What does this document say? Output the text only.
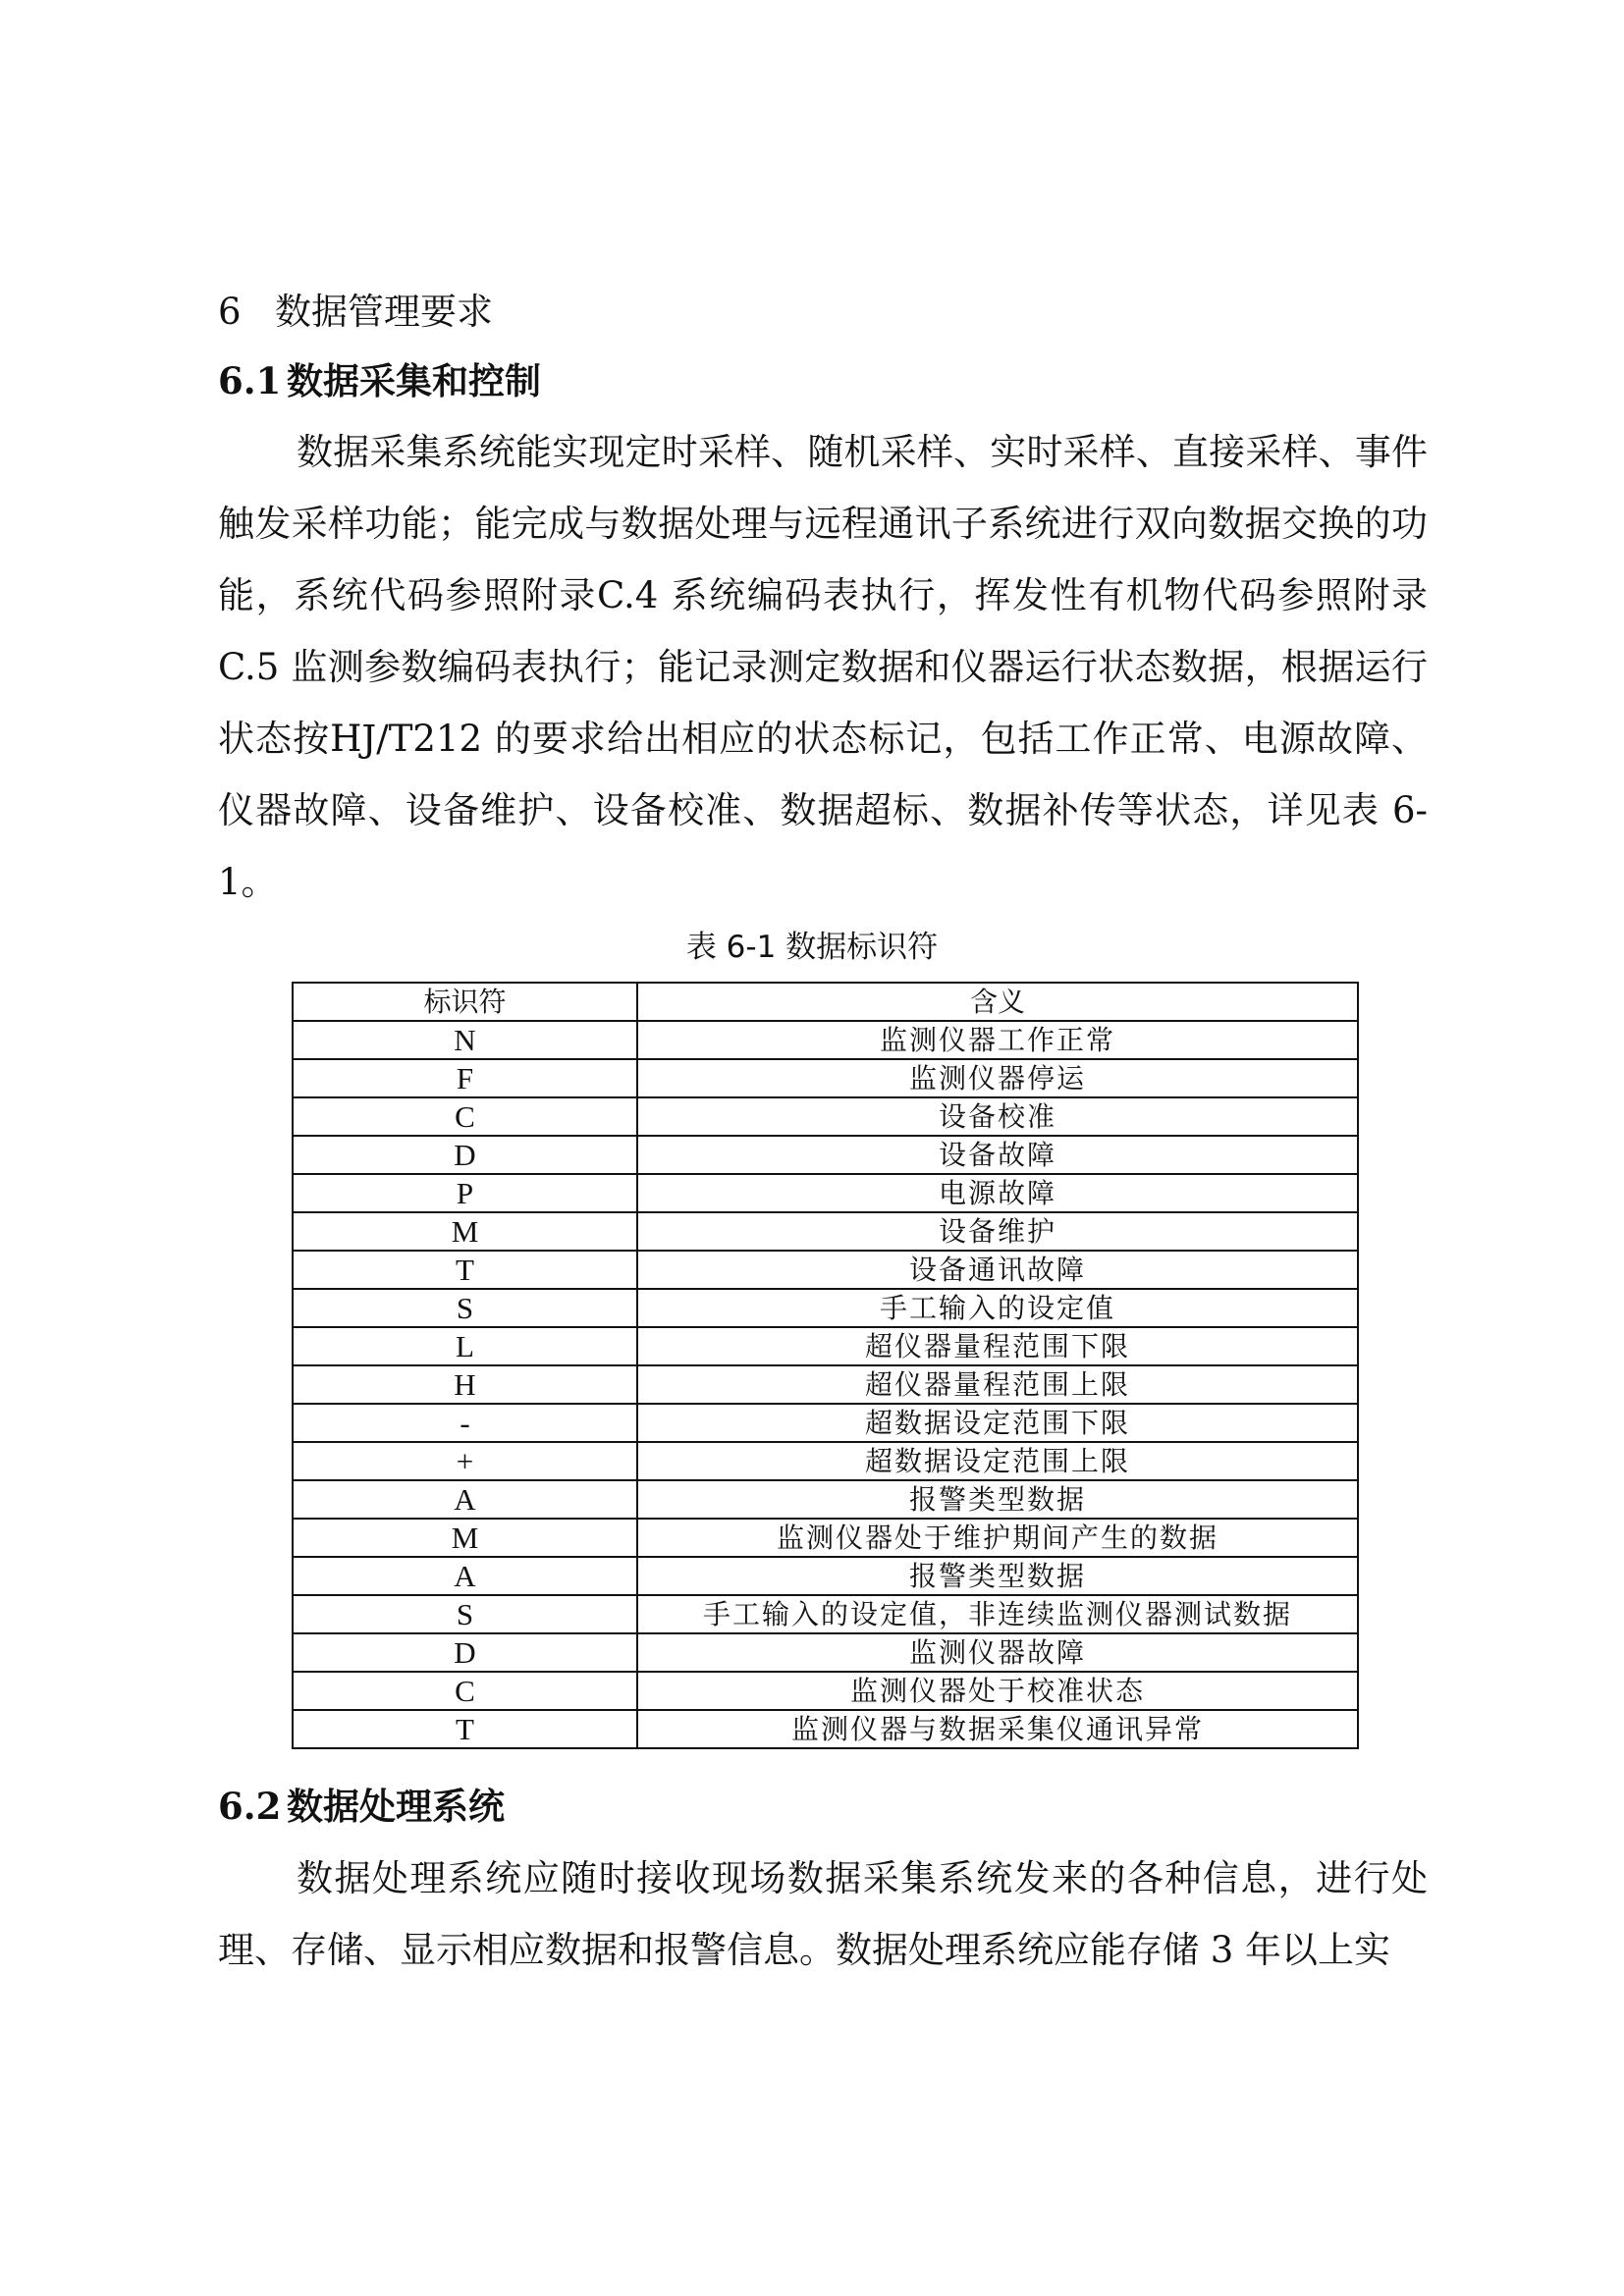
6 数据管理要求
6.1 数据采集和控制

数据采集系统能实现定时采样、随机采样、实时采样、直接采样、事件触发采样功能；能完成与数据处理与远程通讯子系统进行双向数据交换的功能，系统代码参照附录C.4 系统编码表执行，挥发性有机物代码参照附录C.5 监测参数编码表执行；能记录测定数据和仪器运行状态数据，根据运行状态按HJ/T212 的要求给出相应的状态标记，包括工作正常、电源故障、仪器故障、设备维护、设备校准、数据超标、数据补传等状态，详见表 6-1。

表 6-1 数据标识符
标识符	含义
N	监测仪器工作正常
F	监测仪器停运
C	设备校准
D	设备故障
P	电源故障
M	设备维护
T	设备通讯故障
S	手工输入的设定值
L	超仪器量程范围下限
H	超仪器量程范围上限
-	超数据设定范围下限
+	超数据设定范围上限
A	报警类型数据
M	监测仪器处于维护期间产生的数据
A	报警类型数据
S	手工输入的设定值，非连续监测仪器测试数据
D	监测仪器故障
C	监测仪器处于校准状态
T	监测仪器与数据采集仪通讯异常
6.2 数据处理系统

数据处理系统应随时接收现场数据采集系统发来的各种信息，进行处理、存储、显示相应数据和报警信息。数据处理系统应能存储 3 年以上实
